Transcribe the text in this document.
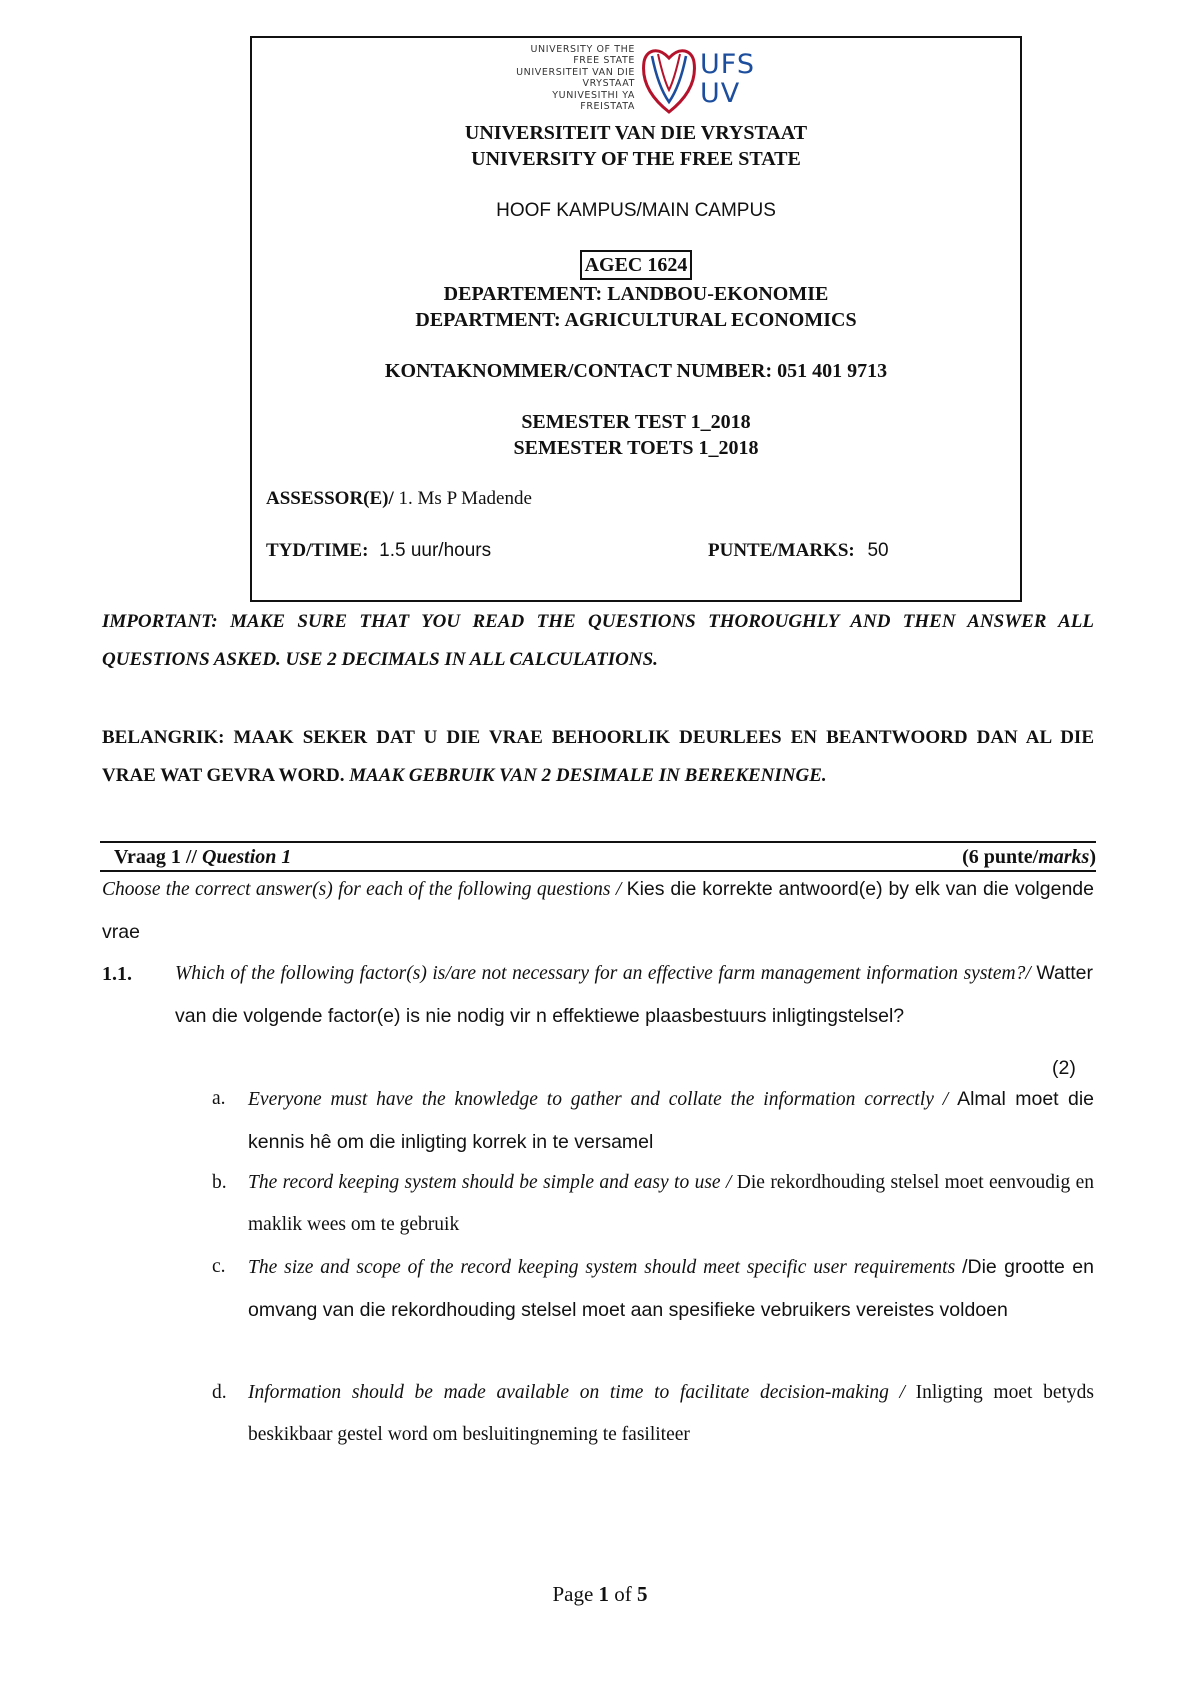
UNIVERSITY OF THE
FREE STATE
UNIVERSITEIT VAN DIE
VRYSTAAT
YUNIVESITHI YA
FREISTATA
UFS
UV
UNIVERSITEIT VAN DIE VRYSTAAT
UNIVERSITY OF THE FREE STATE
HOOF KAMPUS/MAIN CAMPUS
AGEC 1624
DEPARTEMENT: LANDBOU-EKONOMIE
DEPARTMENT: AGRICULTURAL ECONOMICS
KONTAKNOMMER/CONTACT NUMBER: 051 401 9713
SEMESTER TEST 1_2018
SEMESTER TOETS 1_2018
ASSESSOR(E)/ 1. Ms P Madende
TYD/TIME: 1.5 uur/hours	PUNTE/MARKS: 50
IMPORTANT: MAKE SURE THAT YOU READ THE QUESTIONS THOROUGHLY AND THEN ANSWER ALL QUESTIONS ASKED. USE 2 DECIMALS IN ALL CALCULATIONS.
BELANGRIK: MAAK SEKER DAT U DIE VRAE BEHOORLIK DEURLEES EN BEANTWOORD DAN AL DIE VRAE WAT GEVRA WORD. MAAK GEBRUIK VAN 2 DESIMALE IN BEREKENINGE.
Vraag 1 // Question 1	(6 punte/marks)
Choose the correct answer(s) for each of the following questions / Kies die korrekte antwoord(e) by elk van die volgende vrae
1.1. Which of the following factor(s) is/are not necessary for an effective farm management information system?/ Watter van die volgende factor(e) is nie nodig vir n effektiewe plaasbestuurs inligtingstelsel?
(2)
a. Everyone must have the knowledge to gather and collate the information correctly / Almal moet die kennis hê om die inligting korrek in te versamel
b. The record keeping system should be simple and easy to use / Die rekordhouding stelsel moet eenvoudig en maklik wees om te gebruik
c. The size and scope of the record keeping system should meet specific user requirements /Die grootte en omvang van die rekordhouding stelsel moet aan spesifieke vebruikers vereistes voldoen
d. Information should be made available on time to facilitate decision-making / Inligting moet betyds beskikbaar gestel word om besluitingneming te fasiliteer
Page 1 of 5
